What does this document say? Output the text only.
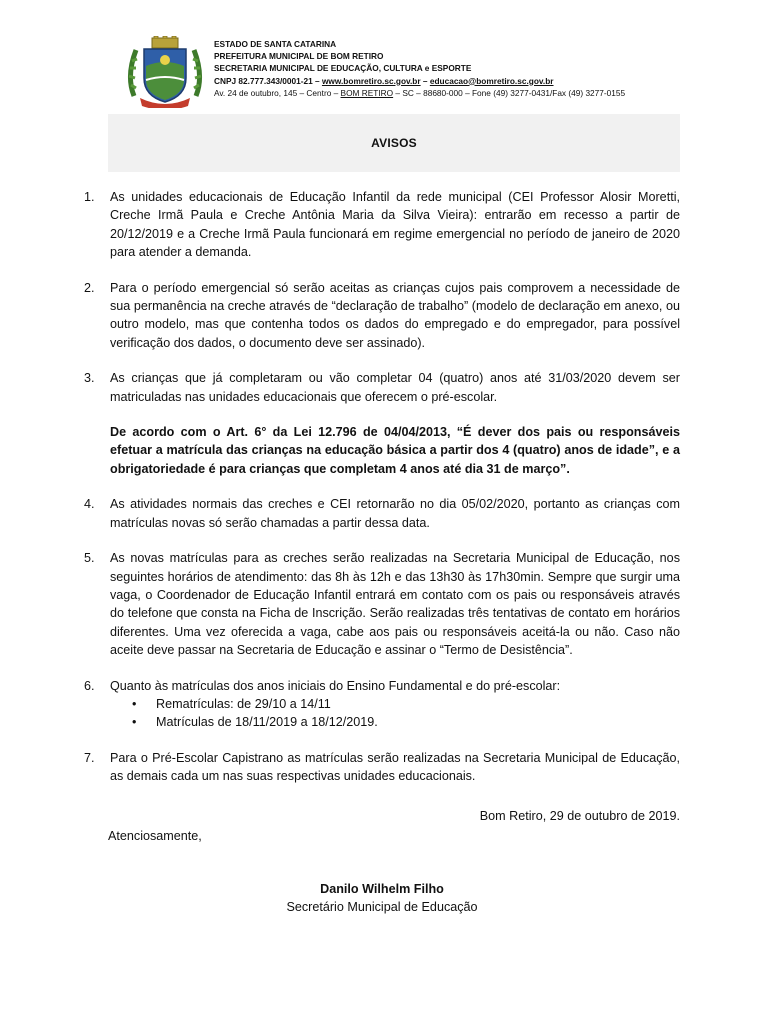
ESTADO DE SANTA CATARINA
PREFEITURA MUNICIPAL DE BOM RETIRO
SECRETARIA MUNICIPAL DE EDUCAÇÃO, CULTURA e ESPORTE
CNPJ 82.777.343/0001-21 – www.bomretiro.sc.gov.br – educacao@bomretiro.sc.gov.br
Av. 24 de outubro, 145 – Centro – BOM RETIRO – SC – 88680-000 – Fone (49) 3277-0431/Fax (49) 3277-0155
AVISOS
1.	As unidades educacionais de Educação Infantil da rede municipal (CEI Professor Alosir Moretti, Creche Irmã Paula e Creche Antônia Maria da Silva Vieira): entrarão em recesso a partir de 20/12/2019 e a Creche Irmã Paula funcionará em regime emergencial no período de janeiro de 2020 para atender a demanda.
2.	Para o período emergencial só serão aceitas as crianças cujos pais comprovem a necessidade de sua permanência na creche através de “declaração de trabalho” (modelo de declaração em anexo, ou outro modelo, mas que contenha todos os dados do empregado e do empregador, para possível verificação dos dados, o documento deve ser assinado).
3.	As crianças que já completaram ou vão completar 04 (quatro) anos até 31/03/2020 devem ser matriculadas nas unidades educacionais que oferecem o pré-escolar.
De acordo com o Art. 6° da Lei 12.796 de 04/04/2013, “É dever dos pais ou responsáveis efetuar a matrícula das crianças na educação básica a partir dos 4 (quatro) anos de idade”, e a obrigatoriedade é para crianças que completam 4 anos até dia 31 de março”.
4.	As atividades normais das creches e CEI retornarão no dia 05/02/2020, portanto as crianças com matrículas novas só serão chamadas a partir dessa data.
5.	As novas matrículas para as creches serão realizadas na Secretaria Municipal de Educação, nos seguintes horários de atendimento: das 8h às 12h e das 13h30 às 17h30min. Sempre que surgir uma vaga, o Coordenador de Educação Infantil entrará em contato com os pais ou responsáveis através do telefone que consta na Ficha de Inscrição. Serão realizadas três tentativas de contato em horários diferentes. Uma vez oferecida a vaga, cabe aos pais ou responsáveis aceitá-la ou não. Caso não aceite deve passar na Secretaria de Educação e assinar o “Termo de Desistência”.
6.	Quanto às matrículas dos anos iniciais do Ensino Fundamental e do pré-escolar:
• Rematrículas: de 29/10 a 14/11
• Matrículas de 18/11/2019 a 18/12/2019.
7.	Para o Pré-Escolar Capistrano as matrículas serão realizadas na Secretaria Municipal de Educação, as demais cada um nas suas respectivas unidades educacionais.
Bom Retiro, 29 de outubro de 2019.
Atenciosamente,
Danilo Wilhelm Filho
Secretário Municipal de Educação
